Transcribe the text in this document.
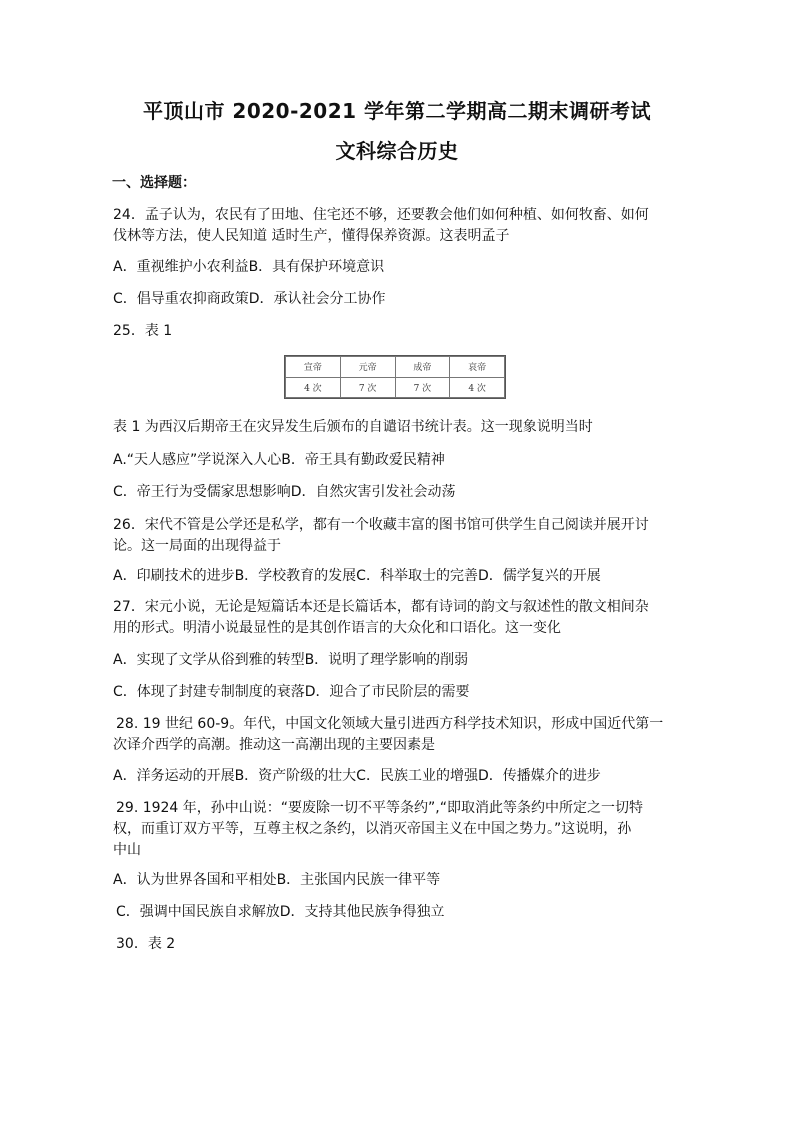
平顶山市 2020-2021 学年第二学期高二期末调研考试
文科综合历史
一、选择题：
24．孟子认为，农民有了田地、住宅还不够，还要教会他们如何种植、如何牧畜、如何
伐林等方法，使人民知道 适时生产，懂得保养资源。这表明孟子
A．重视维护小农利益B．具有保护环境意识
C．倡导重农抑商政策D．承认社会分工协作
25．表 1
宣帝	元帝	成帝	哀帝
4 次	7 次	7 次	4 次
表 1 为西汉后期帝王在灾异发生后颁布的自谴诏书统计表。这一现象说明当时
A.“天人感应”学说深入人心B．帝王具有勤政爱民精神
C．帝王行为受儒家思想影响D．自然灾害引发社会动荡
26．宋代不管是公学还是私学，都有一个收藏丰富的图书馆可供学生自己阅读并展开讨
论。这一局面的出现得益于
A．印刷技术的进步B．学校教育的发展C．科举取士的完善D．儒学复兴的开展
27．宋元小说，无论是短篇话本还是长篇话本，都有诗词的韵文与叙述性的散文相间杂
用的形式。明清小说最显性的是其创作语言的大众化和口语化。这一变化
A．实现了文学从俗到雅的转型B．说明了理学影响的削弱
C．体现了封建专制制度的衰落D．迎合了市民阶层的需要
28. 19 世纪 60-9。年代，中国文化领域大量引进西方科学技术知识，形成中国近代第一
次译介西学的高潮。推动这一高潮出现的主要因素是
A．洋务运动的开展B．资产阶级的壮大C．民族工业的增强D．传播媒介的进步
29. 1924 年，孙中山说：“要废除一切不平等条约”,“即取消此等条约中所定之一切特
权，而重订双方平等，互尊主权之条约，以消灭帝国主义在中国之势力。”这说明，孙
中山
A．认为世界各国和平相处B．主张国内民族一律平等
C．强调中国民族自求解放D．支持其他民族争得独立
30．表 2
